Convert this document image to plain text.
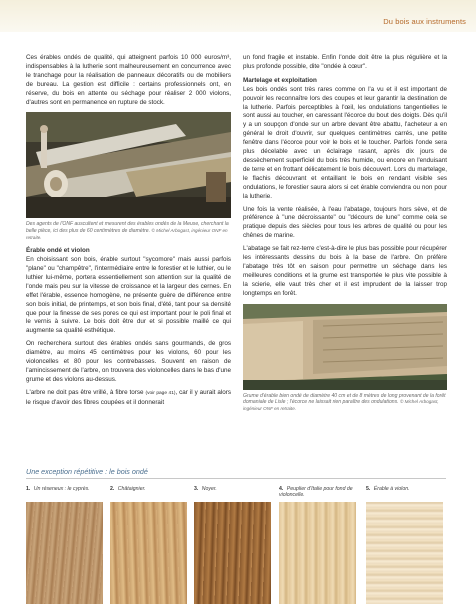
Du bois aux instruments

Ces érables ondés de qualité, qui atteignent parfois 10 000 euros/m³, indispensables à la lutherie sont malheureusement en concurrence avec le tranchage pour la réalisation de panneaux décoratifs ou de mobiliers de bureau. La gestion est difficile : certains professionnels ont, en réserve, du bois en attente ou séchage pour réaliser 2 000 violons, d'autres sont en permanence en rupture de stock.

Des agents de l'ONF auscultent et mesurent des érables ondés de la Meuse, cherchant la belle pièce, ici des plus de 60 centimètres de diamètre. © Michel Arbogast, ingénieur ONF en retraite.

Érable ondé et violon

En choisissant son bois, érable surtout "sycomore" mais aussi parfois "plane" ou "champêtre", l'intermédiaire entre le forestier et le luthier, ou le luthier lui-même, portera essentiellement son attention sur la qualité de l'onde mais peu sur la vitesse de croissance et la largeur des cernes. En effet l'érable, essence homogène, ne présente guère de différence entre son bois initial, de printemps, et son bois final, d'été, tant pour sa densité que pour la finesse de ses pores ce qui est important pour le poli final et le vernis à suivre. Le bois doit être dur et si possible maillé ce qui augmente sa qualité esthétique.

On recherchera surtout des érables ondés sans gourmands, de gros diamètre, au moins 45 centimètres pour les violons, 60 pour les violoncelles et 80 pour les contrebasses. Souvent en raison de l'amincissement de l'arbre, on trouvera des violoncelles dans le bas d'une grume et des violons au-dessus.

L'arbre ne doit pas être vrillé, à fibre torse (voir page 41), car il y aurait alors le risque d'avoir des fibres coupées et il donnerait

un fond fragile et instable. Enfin l'onde doit être la plus régulière et la plus profonde possible, dite "ondée à cœur".

Martelage et exploitation

Les bois ondés sont très rares comme on l'a vu et il est important de pouvoir les reconnaître lors des coupes et leur garantir la destination de la lutherie. Parfois perceptibles à l'œil, les ondulations tangentielles le sont aussi au toucher, en caressant l'écorce du bout des doigts. Dès qu'il y a un soupçon d'onde sur un arbre devant être abattu, l'acheteur a en général le droit d'ouvrir, sur quelques centimètres carrés, une petite fenêtre dans l'écorce pour voir le bois et le toucher. Parfois l'onde sera plus décelable avec un éclairage rasant, après dix jours de dessèchement superficiel du bois très humide, ou encore en l'enduisant de terre et en frottant délicatement le bois découvert. Lors du martelage, le flachis découvrant et entaillant le bois en rendant visible ses ondulations, le forestier saura alors si cet érable conviendra ou non pour la lutherie.

Une fois la vente réalisée, à l'eau l'abatage, toujours hors sève, et de préférence à "une décroissante" ou "décours de lune" comme cela se pratique depuis des siècles pour tous les arbres de qualité ou pour les chênes de marine.

L'abatage se fait rez-terre c'est-à-dire le plus bas possible pour récupérer les intéressants dessins du bois à la base de l'arbre. On préfère l'abatage très tôt en saison pour permettre un séchage dans les meilleures conditions et la grume est transportée le plus vite possible à la scierie, elle vaut très cher et il est imprudent de la laisser trop longtemps en forêt.

Grume d'érable bien ondé de diamètre 40 cm et de 8 mètres de long provenant de la forêt domaniale de Lisle ; l'écorce ne laissait rien paraître des ondulations. © Michel Arbogast, ingénieur ONF en retraite.
Une exception répétitive : le bois ondé
1. Un réseneux : le cyprès.	2. Châtaignier.	3. Noyer.	4. Peuplier d'Italie pour fond de violoncelle.
5. Érable à violon.
